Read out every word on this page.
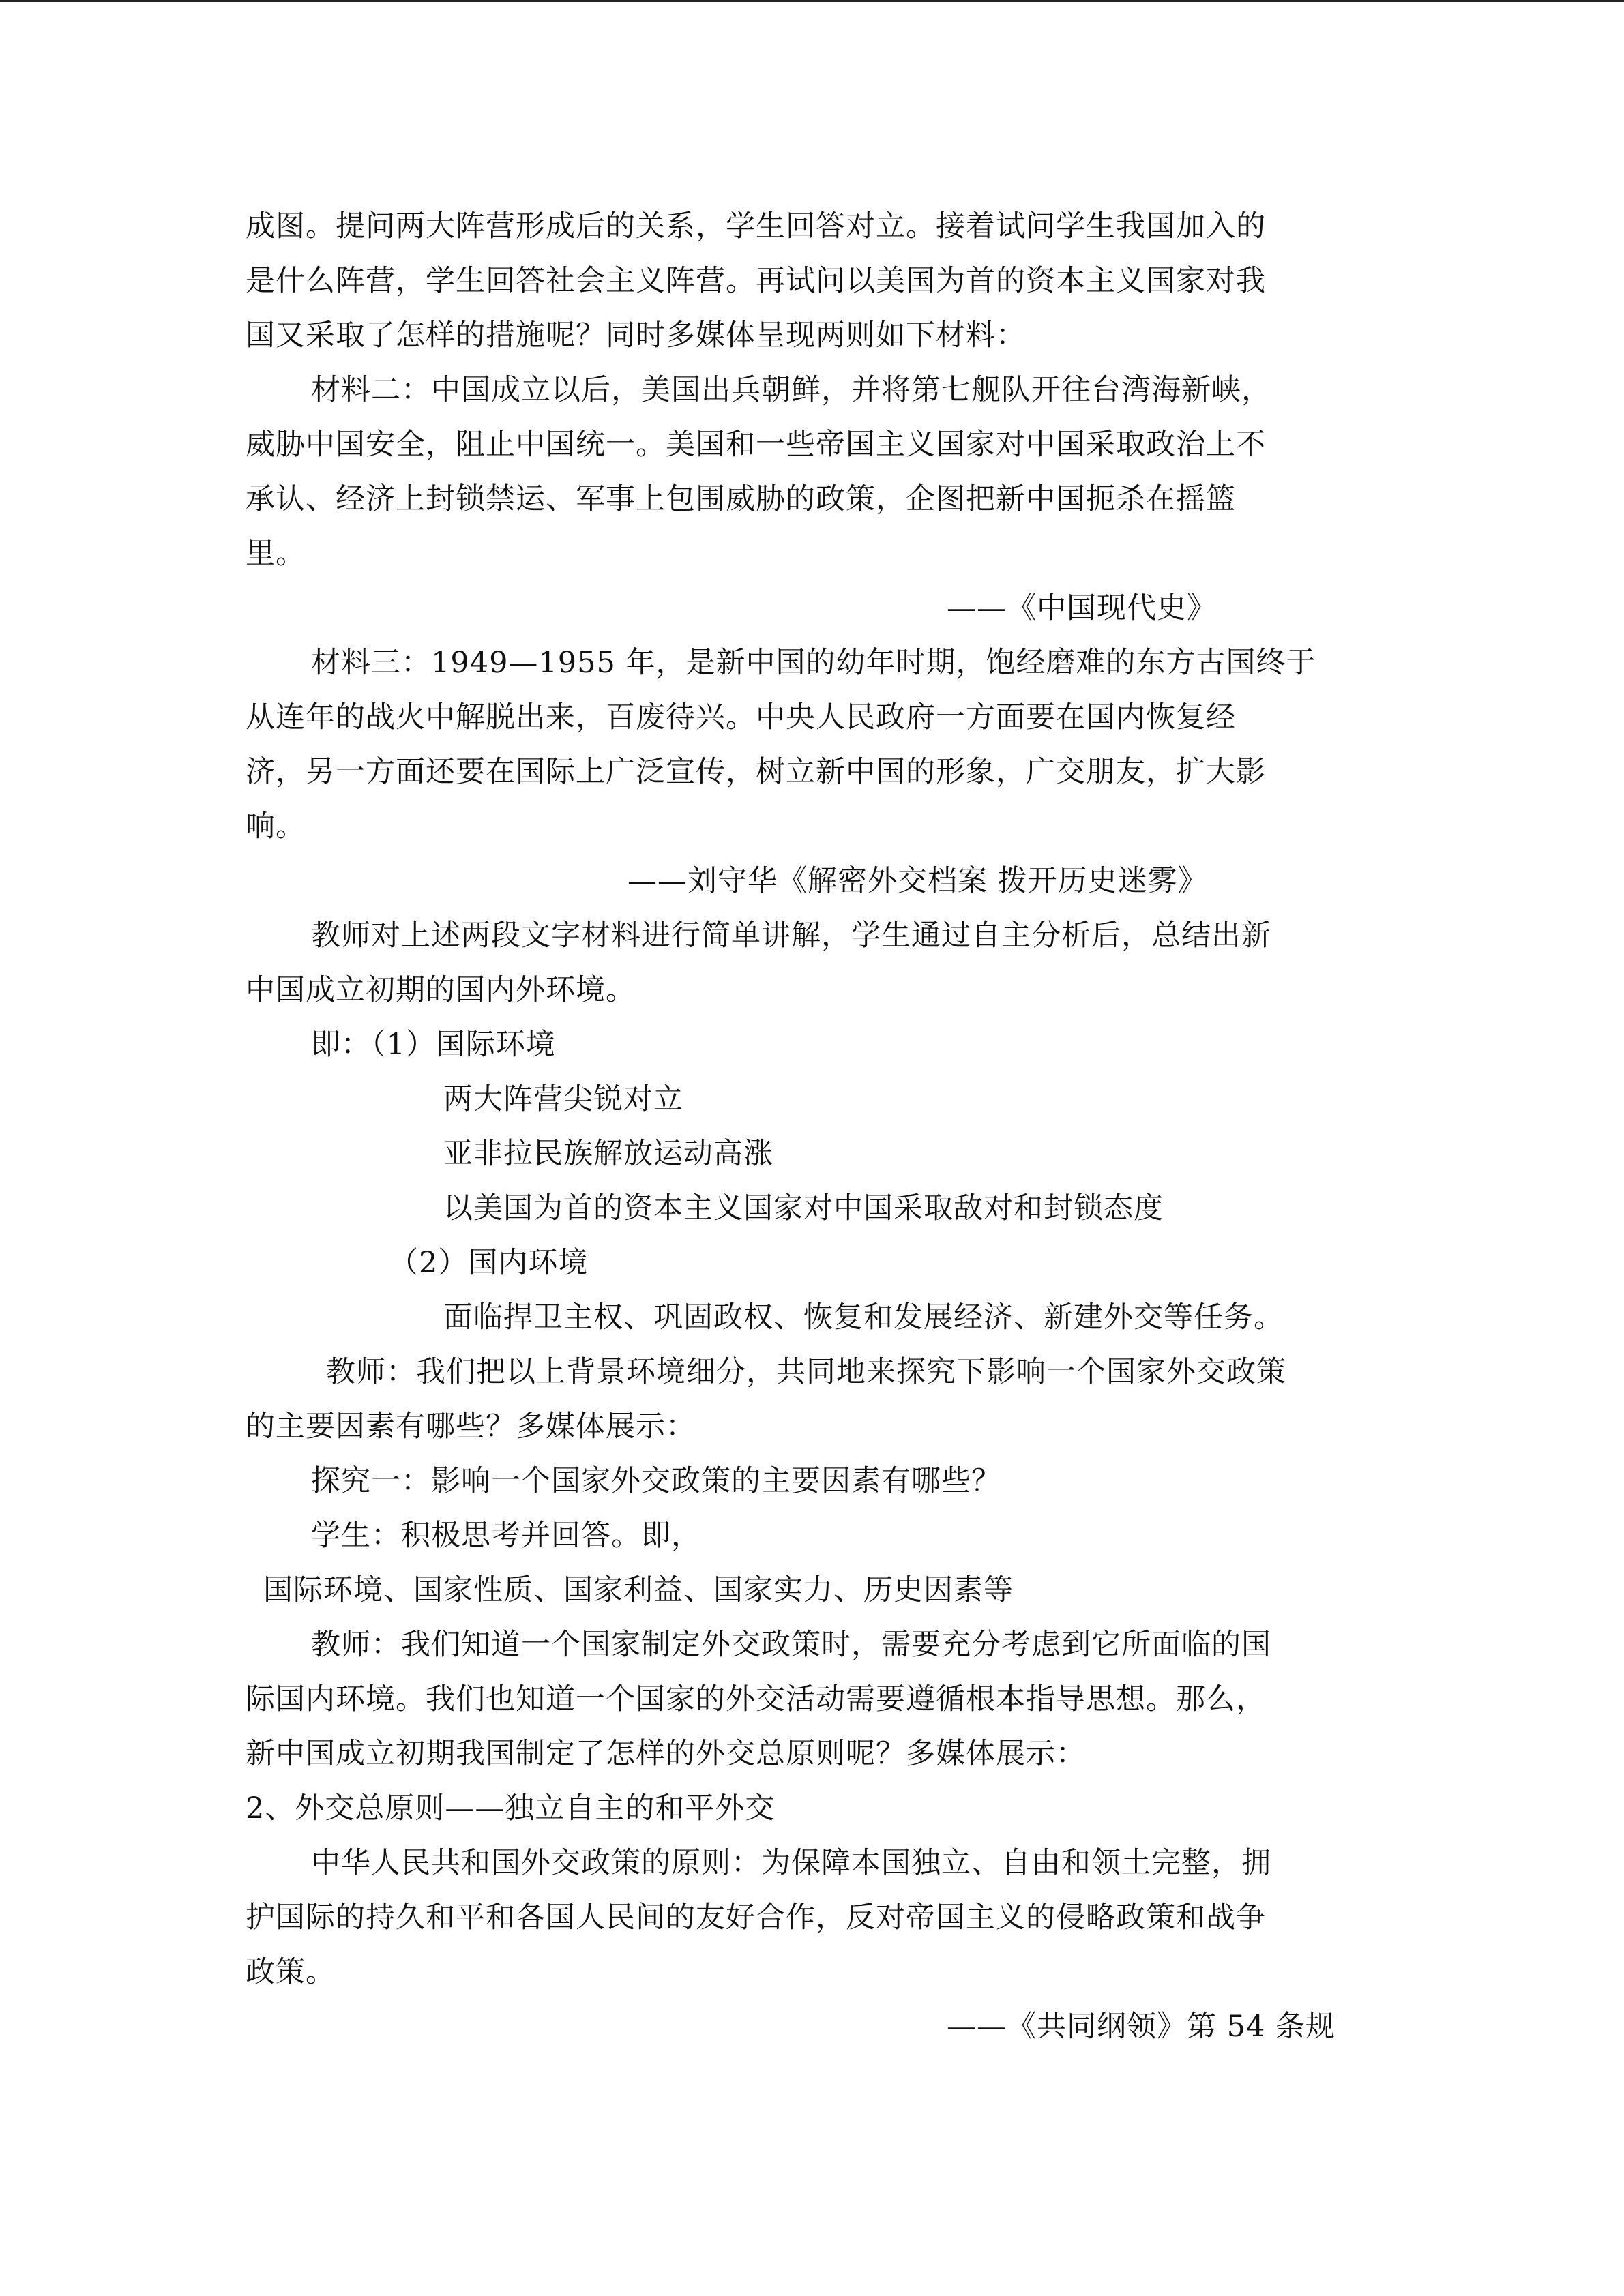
成图。提问两大阵营形成后的关系，学生回答对立。接着试问学生我国加入的
是什么阵营，学生回答社会主义阵营。再试问以美国为首的资本主义国家对我
国又采取了怎样的措施呢？同时多媒体呈现两则如下材料：
材料二：中国成立以后，美国出兵朝鲜，并将第七舰队开往台湾海新峡，
威胁中国安全，阻止中国统一。美国和一些帝国主义国家对中国采取政治上不
承认、经济上封锁禁运、军事上包围威胁的政策，企图把新中国扼杀在摇篮
里。
——《中国现代史》
材料三：1949—1955 年，是新中国的幼年时期，饱经磨难的东方古国终于
从连年的战火中解脱出来，百废待兴。中央人民政府一方面要在国内恢复经
济，另一方面还要在国际上广泛宣传，树立新中国的形象，广交朋友，扩大影
响。
——刘守华《解密外交档案 拨开历史迷雾》
教师对上述两段文字材料进行简单讲解，学生通过自主分析后，总结出新
中国成立初期的国内外环境。
即：（1）国际环境
两大阵营尖锐对立
亚非拉民族解放运动高涨
以美国为首的资本主义国家对中国采取敌对和封锁态度
（2）国内环境
面临捍卫主权、巩固政权、恢复和发展经济、新建外交等任务。
教师：我们把以上背景环境细分，共同地来探究下影响一个国家外交政策
的主要因素有哪些？多媒体展示：
探究一：影响一个国家外交政策的主要因素有哪些？
学生：积极思考并回答。即，
国际环境、国家性质、国家利益、国家实力、历史因素等
教师：我们知道一个国家制定外交政策时，需要充分考虑到它所面临的国
际国内环境。我们也知道一个国家的外交活动需要遵循根本指导思想。那么，
新中国成立初期我国制定了怎样的外交总原则呢？多媒体展示：
2、外交总原则——独立自主的和平外交
中华人民共和国外交政策的原则：为保障本国独立、自由和领土完整，拥
护国际的持久和平和各国人民间的友好合作，反对帝国主义的侵略政策和战争
政策。
——《共同纲领》第 54 条规
